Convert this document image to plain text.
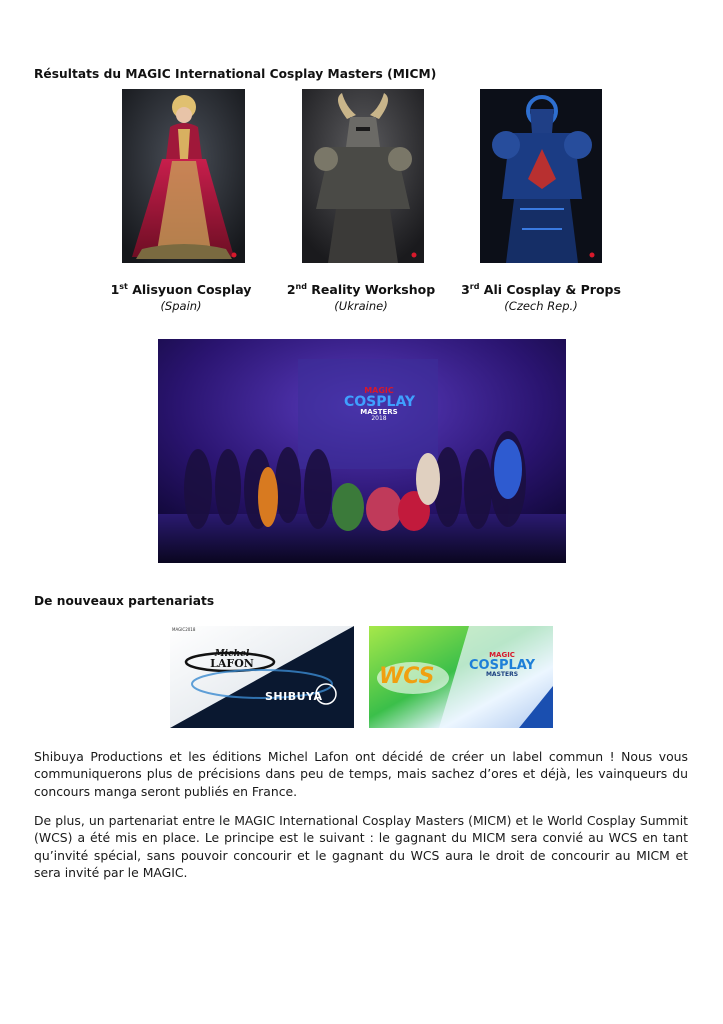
Résultats du MAGIC International Cosplay Masters (MICM)
1st Alisyuon Cosplay
(Spain)
2nd Reality Workshop
(Ukraine)
3rd Ali Cosplay & Props
(Czech Rep.)
MAGIC
COSPLAY
MASTERS
2018
De nouveaux partenariats
MAGIC2018
Michel
LAFON
SHIBUYA
WCS
MAGIC
COSPLAY
MASTERS
Shibuya Productions et les éditions Michel Lafon ont décidé de créer un label commun ! Nous vous communiquerons plus de précisions dans peu de temps, mais sachez d’ores et déjà, les vainqueurs du concours manga seront publiés en France.
De plus, un partenariat entre le MAGIC International Cosplay Masters (MICM) et le World Cosplay Summit (WCS) a été mis en place. Le principe est le suivant : le gagnant du MICM sera convié au WCS en tant qu’invité spécial, sans pouvoir concourir et le gagnant du WCS aura le droit de concourir au MICM et sera invité par le MAGIC.
